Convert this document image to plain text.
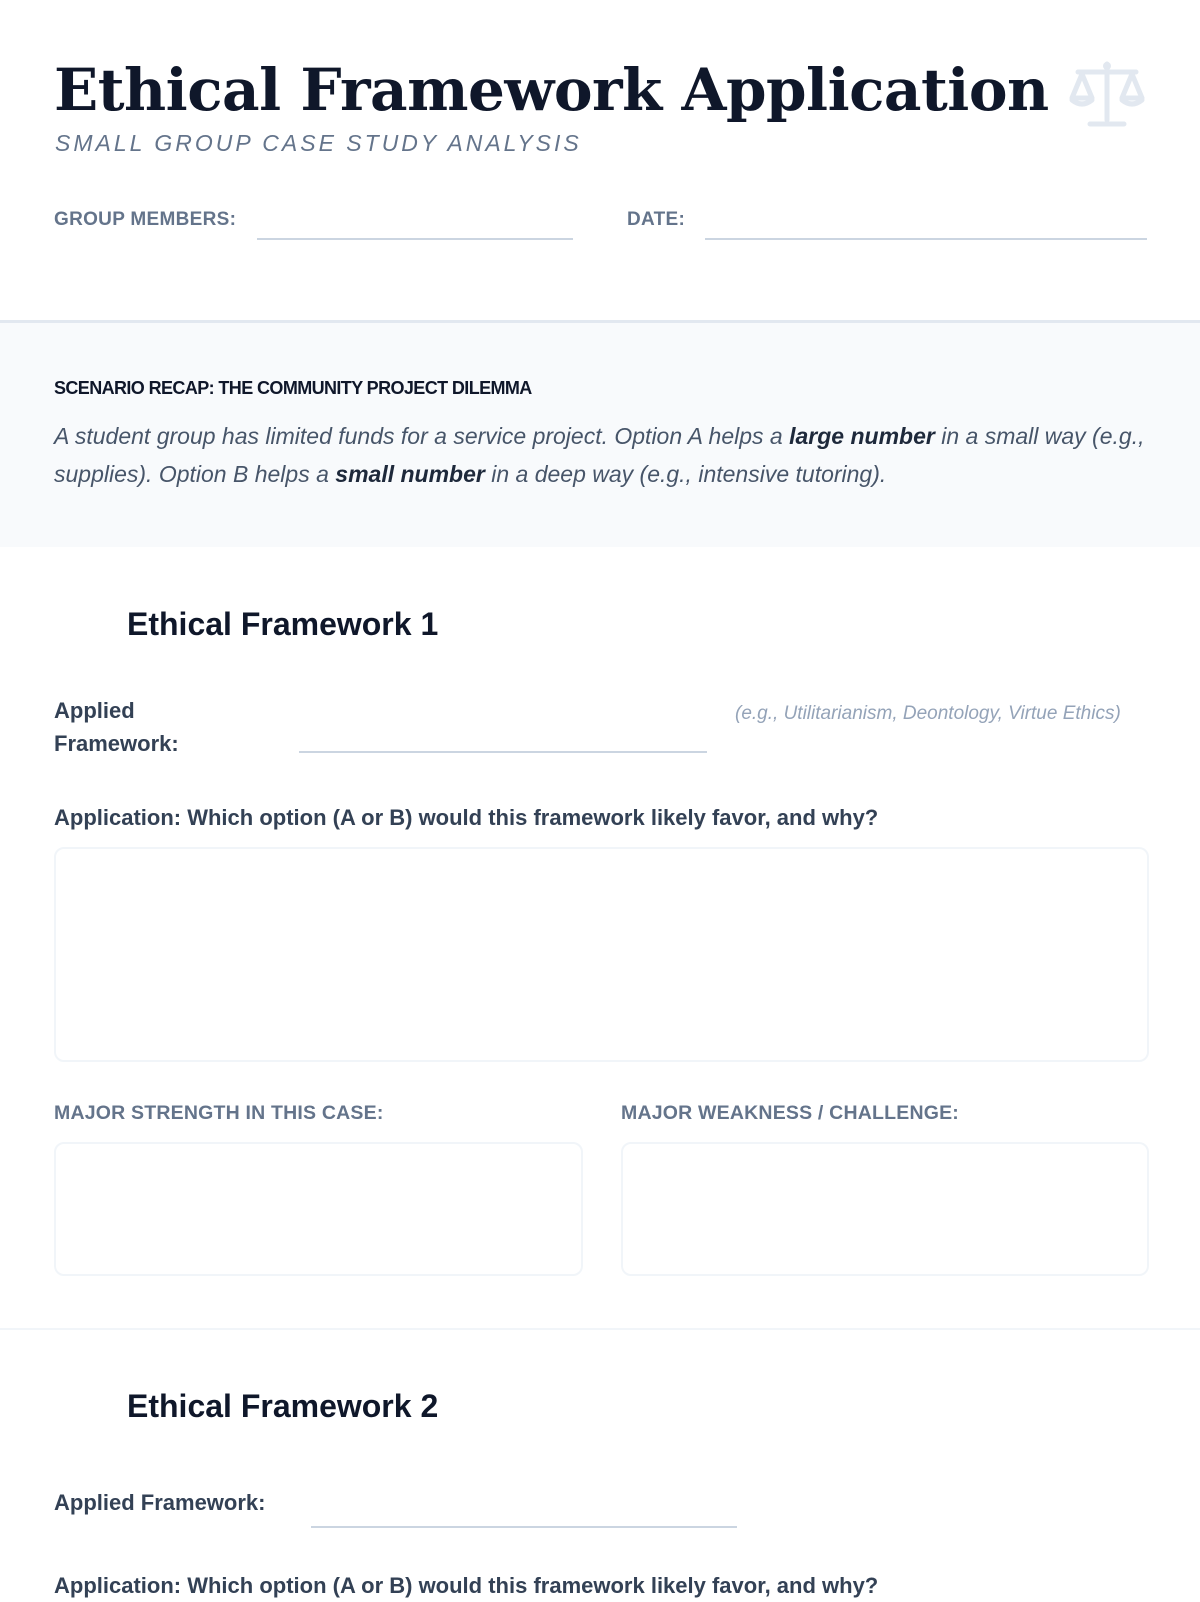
Ethical Framework Application
SMALL GROUP CASE STUDY ANALYSIS
GROUP MEMBERS:	DATE:
SCENARIO RECAP: THE COMMUNITY PROJECT DILEMMA
A student group has limited funds for a service project. Option A helps a large number in a small way (e.g., supplies). Option B helps a small number in a deep way (e.g., intensive tutoring).
Ethical Framework 1
Applied
Framework:
(e.g., Utilitarianism, Deontology, Virtue Ethics)
Application: Which option (A or B) would this framework likely favor, and why?
MAJOR STRENGTH IN THIS CASE:	MAJOR WEAKNESS / CHALLENGE:
Ethical Framework 2
Applied Framework:
Application: Which option (A or B) would this framework likely favor, and why?
